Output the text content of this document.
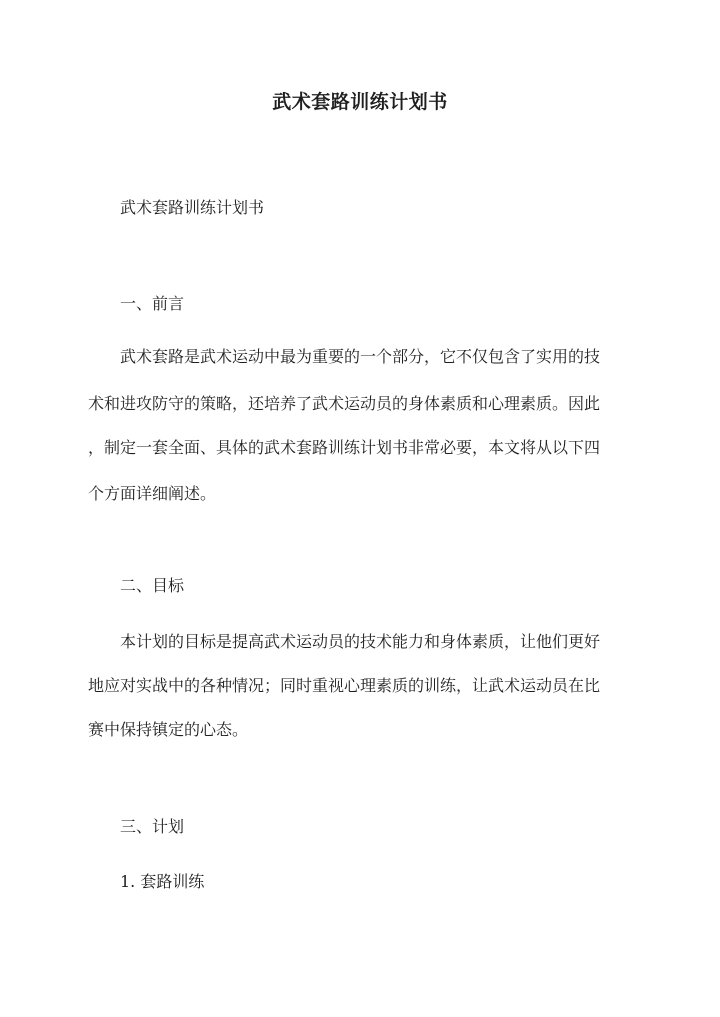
武术套路训练计划书

武术套路训练计划书

一、前言

武术套路是武术运动中最为重要的一个部分，它不仅包含了实用的技

术和进攻防守的策略，还培养了武术运动员的身体素质和心理素质。因此

，制定一套全面、具体的武术套路训练计划书非常必要，本文将从以下四

个方面详细阐述。

二、目标

本计划的目标是提高武术运动员的技术能力和身体素质，让他们更好

地应对实战中的各种情况；同时重视心理素质的训练，让武术运动员在比

赛中保持镇定的心态。

三、计划

1. 套路训练
